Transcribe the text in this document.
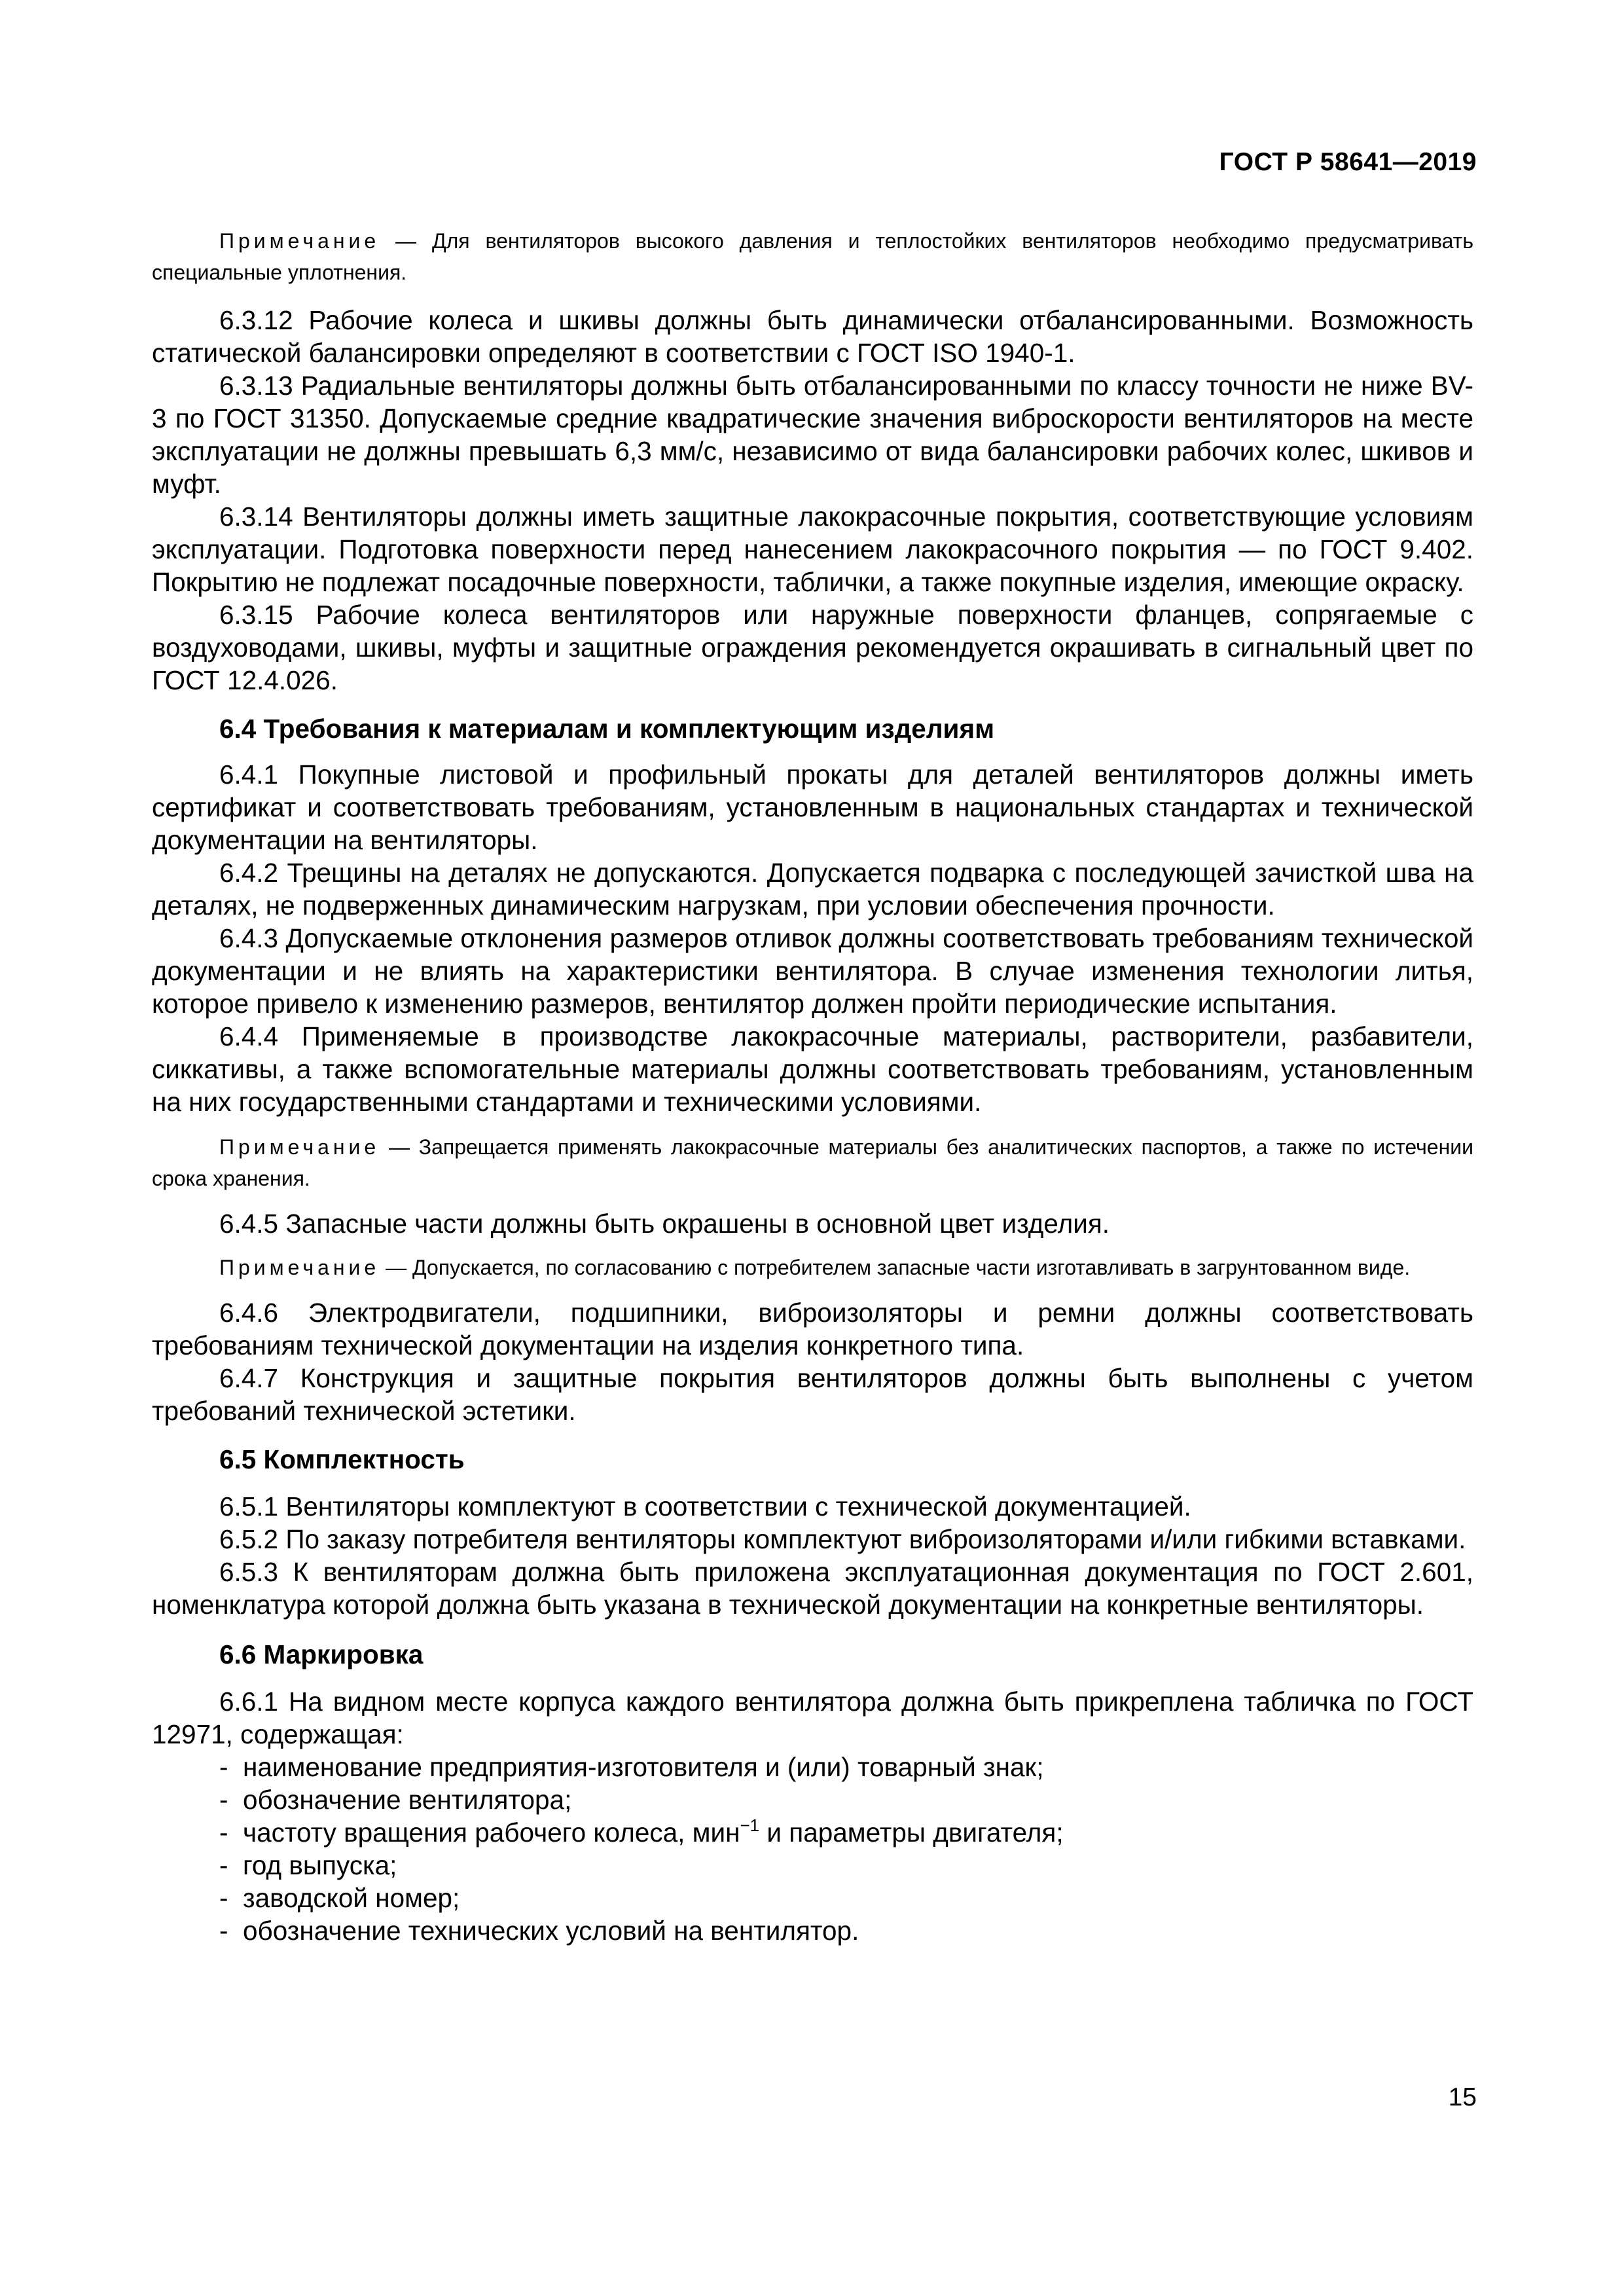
ГОСТ Р 58641—2019

Примечание — Для вентиляторов высокого давления и теплостойких вентиляторов необходимо предусматривать специальные уплотнения.

6.3.12 Рабочие колеса и шкивы должны быть динамически отбалансированными. Возможность статической балансировки определяют в соответствии с ГОСТ ISO 1940-1.

6.3.13 Радиальные вентиляторы должны быть отбалансированными по классу точности не ниже BV-3 по ГОСТ 31350. Допускаемые средние квадратические значения виброскорости вентиляторов на месте эксплуатации не должны превышать 6,3 мм/с, независимо от вида балансировки рабочих колес, шкивов и муфт.

6.3.14 Вентиляторы должны иметь защитные лакокрасочные покрытия, соответствующие условиям эксплуатации. Подготовка поверхности перед нанесением лакокрасочного покрытия — по ГОСТ 9.402. Покрытию не подлежат посадочные поверхности, таблички, а также покупные изделия, имеющие окраску.

6.3.15 Рабочие колеса вентиляторов или наружные поверхности фланцев, сопрягаемые с воздуховодами, шкивы, муфты и защитные ограждения рекомендуется окрашивать в сигнальный цвет по ГОСТ 12.4.026.

6.4 Требования к материалам и комплектующим изделиям

6.4.1 Покупные листовой и профильный прокаты для деталей вентиляторов должны иметь сертификат и соответствовать требованиям, установленным в национальных стандартах и технической документации на вентиляторы.

6.4.2 Трещины на деталях не допускаются. Допускается подварка с последующей зачисткой шва на деталях, не подверженных динамическим нагрузкам, при условии обеспечения прочности.

6.4.3 Допускаемые отклонения размеров отливок должны соответствовать требованиям технической документации и не влиять на характеристики вентилятора. В случае изменения технологии литья, которое привело к изменению размеров, вентилятор должен пройти периодические испытания.

6.4.4 Применяемые в производстве лакокрасочные материалы, растворители, разбавители, сиккативы, а также вспомогательные материалы должны соответствовать требованиям, установленным на них государственными стандартами и техническими условиями.

Примечание — Запрещается применять лакокрасочные материалы без аналитических паспортов, а также по истечении срока хранения.

6.4.5 Запасные части должны быть окрашены в основной цвет изделия.

Примечание — Допускается, по согласованию с потребителем запасные части изготавливать в загрунтованном виде.

6.4.6 Электродвигатели, подшипники, виброизоляторы и ремни должны соответствовать требованиям технической документации на изделия конкретного типа.

6.4.7 Конструкция и защитные покрытия вентиляторов должны быть выполнены с учетом требований технической эстетики.

6.5 Комплектность

6.5.1 Вентиляторы комплектуют в соответствии с технической документацией.

6.5.2 По заказу потребителя вентиляторы комплектуют виброизоляторами и/или гибкими вставками.

6.5.3 К вентиляторам должна быть приложена эксплуатационная документация по ГОСТ 2.601, номенклатура которой должна быть указана в технической документации на конкретные вентиляторы.

6.6 Маркировка

6.6.1 На видном месте корпуса каждого вентилятора должна быть прикреплена табличка по ГОСТ 12971, содержащая:

- наименование предприятия-изготовителя и (или) товарный знак;

- обозначение вентилятора;

- частоту вращения рабочего колеса, мин$^{-1}$ и параметры двигателя;

- год выпуска;

- заводской номер;

- обозначение технических условий на вентилятор.

15
